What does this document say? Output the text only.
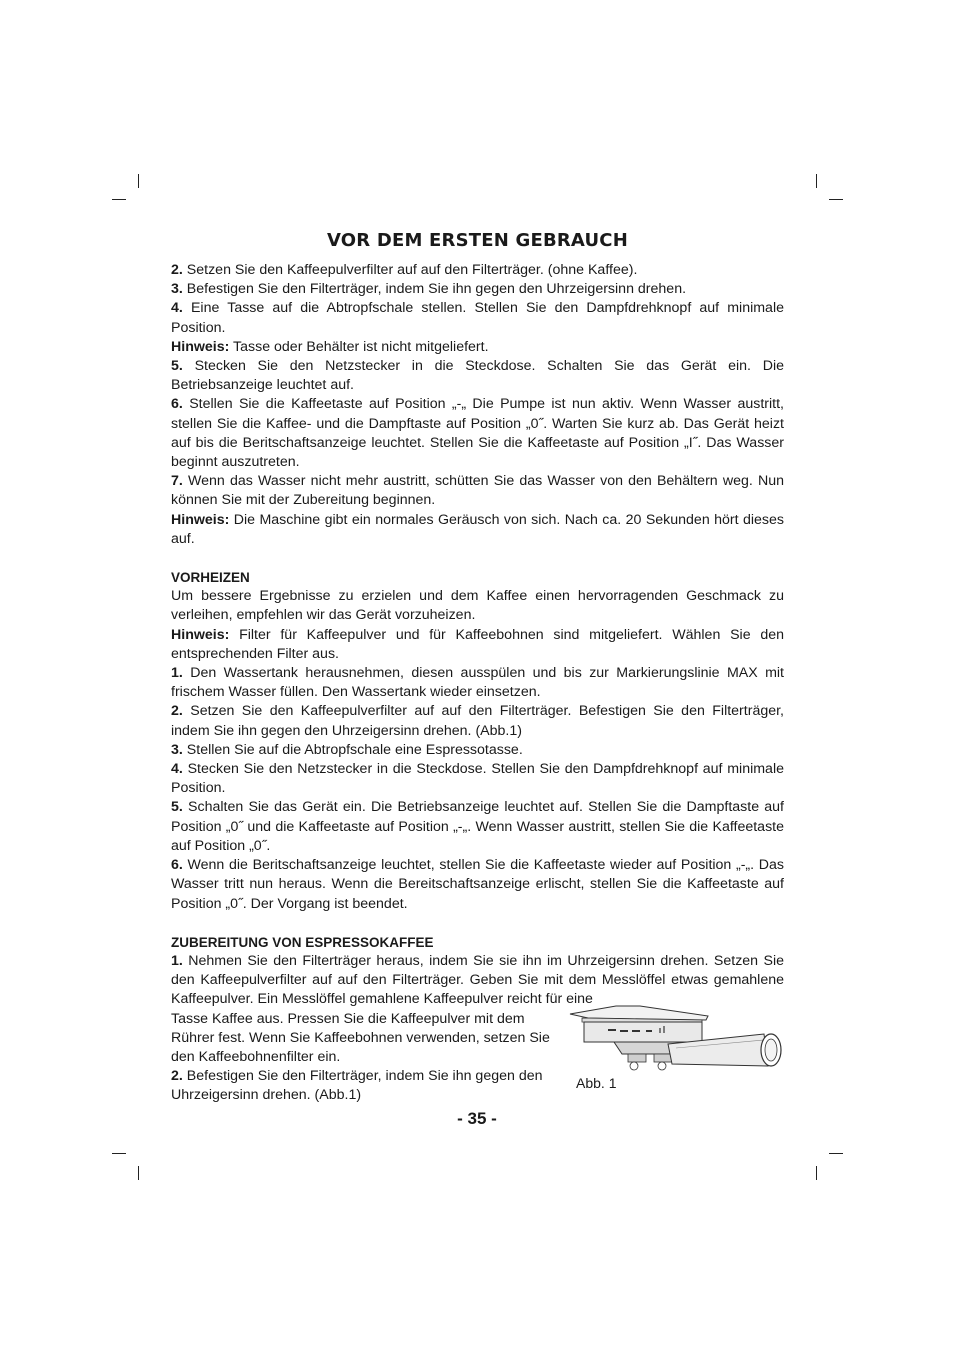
VOR DEM ERSTEN GEBRAUCH

2. Setzen Sie den Kaffeepulverfilter auf auf den Filterträger. (ohne Kaffee).

3. Befestigen Sie den Filterträger, indem Sie ihn gegen den Uhrzeigersinn drehen.

4. Eine Tasse auf die Abtropfschale stellen. Stellen Sie den Dampfdrehknopf auf minimale Position.

Hinweis: Tasse oder Behälter ist nicht mitgeliefert.

5. Stecken Sie den Netzstecker in die Steckdose. Schalten Sie das Gerät ein. Die Betriebsanzeige leuchtet auf.

6. Stellen Sie die Kaffeetaste auf Position „-„ Die Pumpe ist nun aktiv. Wenn Wasser austritt, stellen Sie die Kaffee- und die Dampftaste auf Position „0˝. Warten Sie kurz ab. Das Gerät heizt auf bis die Beritschaftsanzeige leuchtet. Stellen Sie die Kaffeetaste auf Position „I˝. Das Wasser beginnt auszutreten.

7. Wenn das Wasser nicht mehr austritt, schütten Sie das Wasser von den Behältern weg. Nun können Sie mit der Zubereitung beginnen.

Hinweis: Die Maschine gibt ein normales Geräusch von sich. Nach ca. 20 Sekunden hört dieses auf.

VORHEIZEN

Um bessere Ergebnisse zu erzielen und dem Kaffee einen hervorragenden Geschmack zu verleihen, empfehlen wir das Gerät vorzuheizen.

Hinweis: Filter für Kaffeepulver und für Kaffeebohnen sind mitgeliefert. Wählen Sie den entsprechenden Filter aus.

1. Den Wassertank herausnehmen, diesen ausspülen und bis zur Markierungslinie MAX mit frischem Wasser füllen. Den Wassertank wieder einsetzen.

2. Setzen Sie den Kaffeepulverfilter auf auf den Filterträger. Befestigen Sie den Filterträger, indem Sie ihn gegen den Uhrzeigersinn drehen. (Abb.1)

3. Stellen Sie auf die Abtropfschale eine Espressotasse.

4. Stecken Sie den Netzstecker in die Steckdose. Stellen Sie den Dampfdrehknopf auf minimale Position.

5. Schalten Sie das Gerät ein. Die Betriebsanzeige leuchtet auf. Stellen Sie die Dampftaste auf Position „0˝ und die Kaffeetaste auf Position „-„. Wenn Wasser austritt, stellen Sie die Kaffeetaste auf Position „0˝.

6. Wenn die Beritschaftsanzeige leuchtet, stellen Sie die Kaffeetaste wieder auf Position „-„. Das Wasser tritt nun heraus. Wenn die Bereitschaftsanzeige erlischt, stellen Sie die Kaffeetaste auf Position „0˝. Der Vorgang ist beendet.

ZUBEREITUNG VON ESPRESSOKAFFEE

1. Nehmen Sie den Filterträger heraus, indem Sie sie ihn im Uhrzeigersinn drehen. Setzen Sie den Kaffeepulverfilter auf auf den Filterträger. Geben Sie mit dem Messlöffel etwas gemahlene Kaffeepulver. Ein Messlöffel gemahlene Kaffeepulver reicht für eine

Tasse Kaffee aus. Pressen Sie die Kaffeepulver mit dem Rührer fest. Wenn Sie Kaffeebohnen verwenden, setzen Sie den Kaffeebohnenfilter ein.

2. Befestigen Sie den Filterträger, indem Sie ihn gegen den Uhrzeigersinn drehen. (Abb.1)

Abb. 1

- 35 -
